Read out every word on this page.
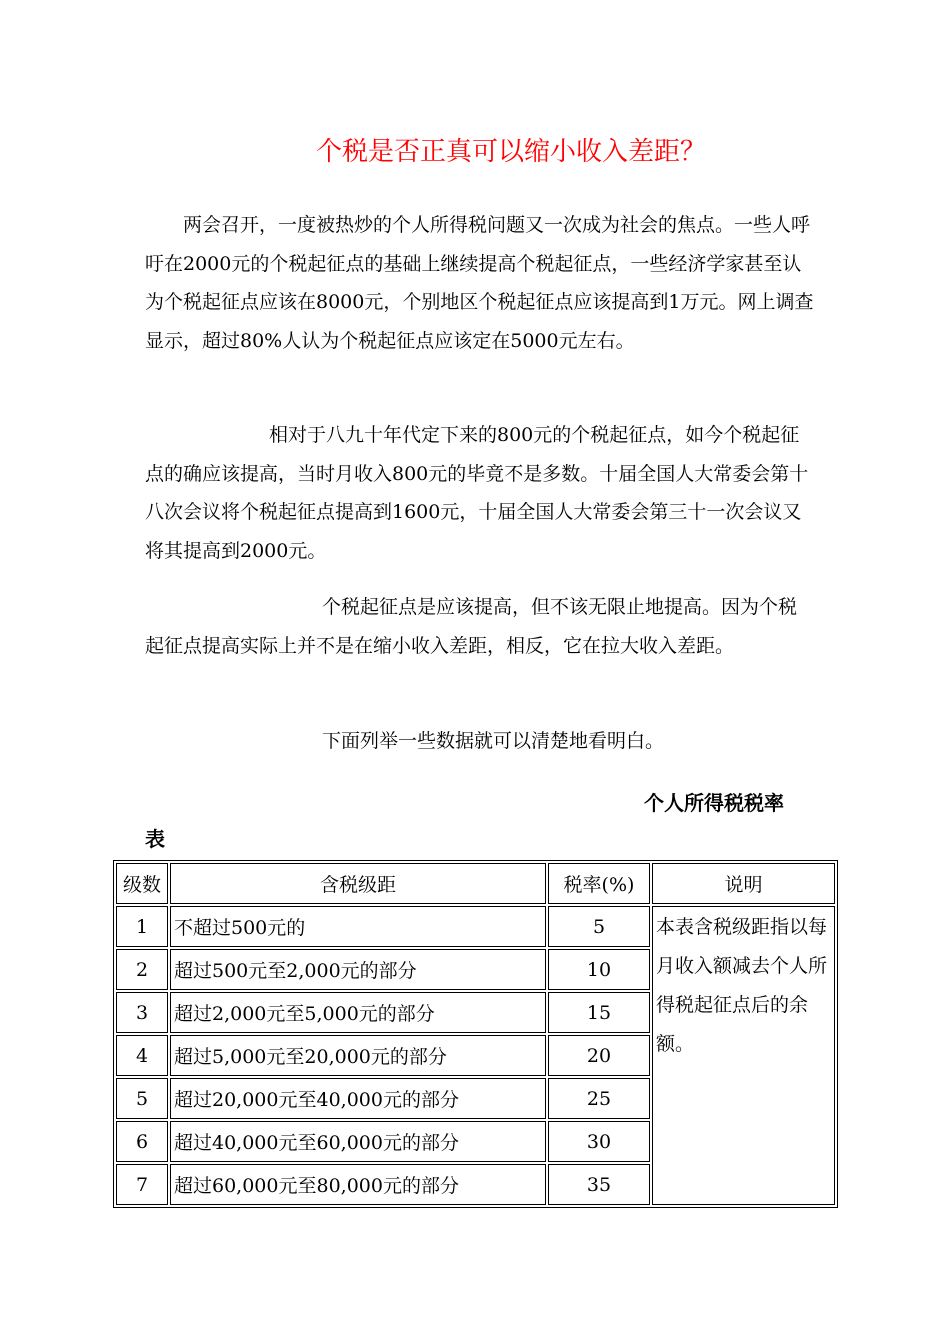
个税是否正真可以缩小收入差距？

两会召开，一度被热炒的个人所得税问题又一次成为社会的焦点。一些人呼吁在2000元的个税起征点的基础上继续提高个税起征点，一些经济学家甚至认为个税起征点应该在8000元，个别地区个税起征点应该提高到1万元。网上调查显示，超过80%人认为个税起征点应该定在5000元左右。

相对于八九十年代定下来的800元的个税起征点，如今个税起征点的确应该提高，当时月收入800元的毕竟不是多数。十届全国人大常委会第十八次会议将个税起征点提高到1600元，十届全国人大常委会第三十一次会议又将其提高到2000元。

个税起征点是应该提高，但不该无限止地提高。因为个税起征点提高实际上并不是在缩小收入差距，相反，它在拉大收入差距。

下面列举一些数据就可以清楚地看明白。

个人所得税税率
表
级数	含税级距	税率(%)	说明
1	不超过500元的	5	本表含税级距指以每月收入额减去个人所得税起征点后的余额。
2	超过500元至2,000元的部分	10	
3	超过2,000元至5,000元的部分	15	
4	超过5,000元至20,000元的部分	20	
5	超过20,000元至40,000元的部分	25	
6	超过40,000元至60,000元的部分	30	
7	超过60,000元至80,000元的部分	35	
